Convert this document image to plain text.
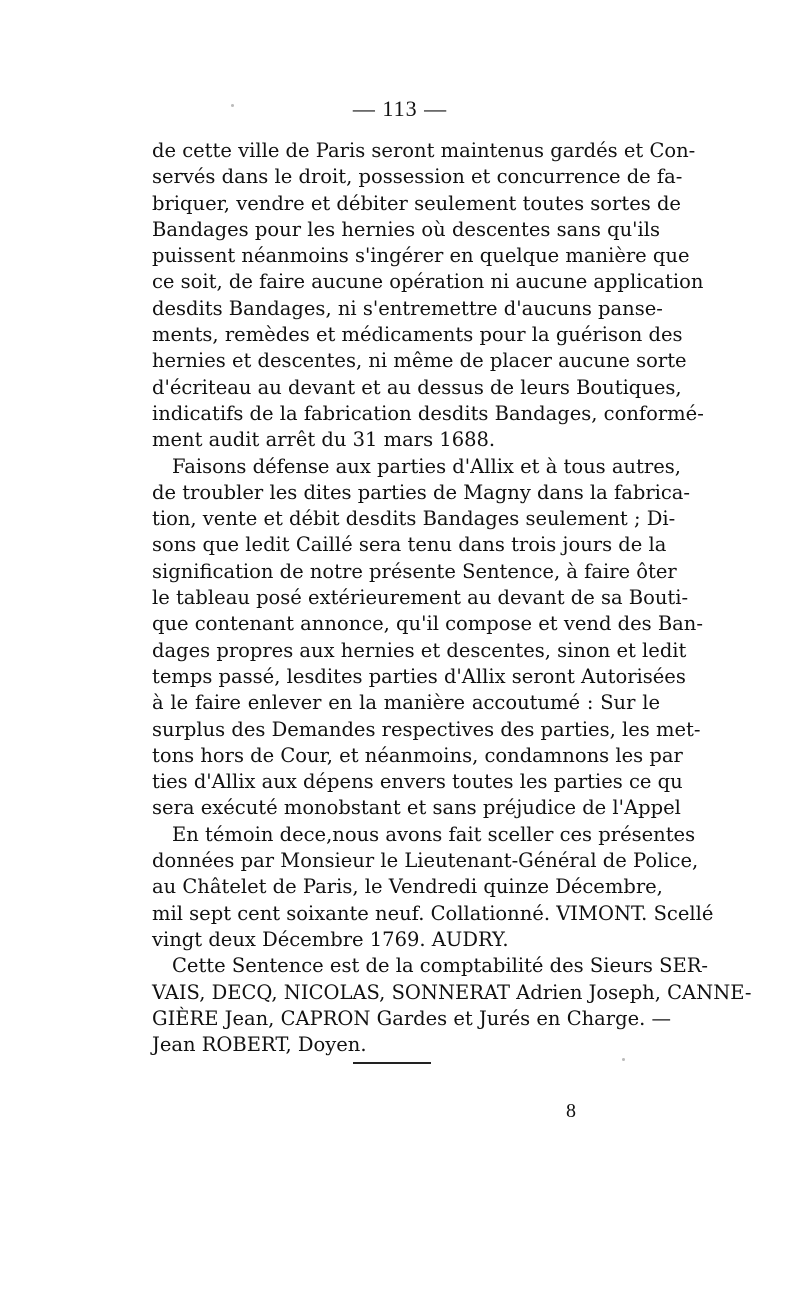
— 113 —
de cette ville de Paris seront maintenus gardés et Con-
servés dans le droit, possession et concurrence de fa-
briquer, vendre et débiter seulement toutes sortes de
Bandages pour les hernies où descentes sans qu'ils
puissent néanmoins s'ingérer en quelque manière que
ce soit, de faire aucune opération ni aucune application
desdits Bandages, ni s'entremettre d'aucuns panse-
ments, remèdes et médicaments pour la guérison des
hernies et descentes, ni même de placer aucune sorte
d'écriteau au devant et au dessus de leurs Boutiques,
indicatifs de la fabrication desdits Bandages, conformé-
ment audit arrêt du 31 mars 1688.
Faisons défense aux parties d'Allix et à tous autres,
de troubler les dites parties de Magny dans la fabrica-
tion, vente et débit desdits Bandages seulement ; Di-
sons que ledit Caillé sera tenu dans trois jours de la
signification de notre présente Sentence, à faire ôter
le tableau posé extérieurement au devant de sa Bouti-
que contenant annonce, qu'il compose et vend des Ban-
dages propres aux hernies et descentes, sinon et ledit
temps passé, lesdites parties d'Allix seront Autorisées
à le faire enlever en la manière accoutumé : Sur le
surplus des Demandes respectives des parties, les met-
tons hors de Cour, et néanmoins, condamnons les par
ties d'Allix aux dépens envers toutes les parties ce qu
sera exécuté monobstant et sans préjudice de l'Appel
En témoin dece,nous avons fait sceller ces présentes
données par Monsieur le Lieutenant-Général de Police,
au Châtelet de Paris, le Vendredi quinze Décembre,
mil sept cent soixante neuf. Collationné. VIMONT. Scellé
vingt deux Décembre 1769. AUDRY.
Cette Sentence est de la comptabilité des Sieurs SER-
VAIS, DECQ, NICOLAS, SONNERAT Adrien Joseph, CANNE-
GIÈRE Jean, CAPRON Gardes et Jurés en Charge. —
Jean ROBERT, Doyen.
8
